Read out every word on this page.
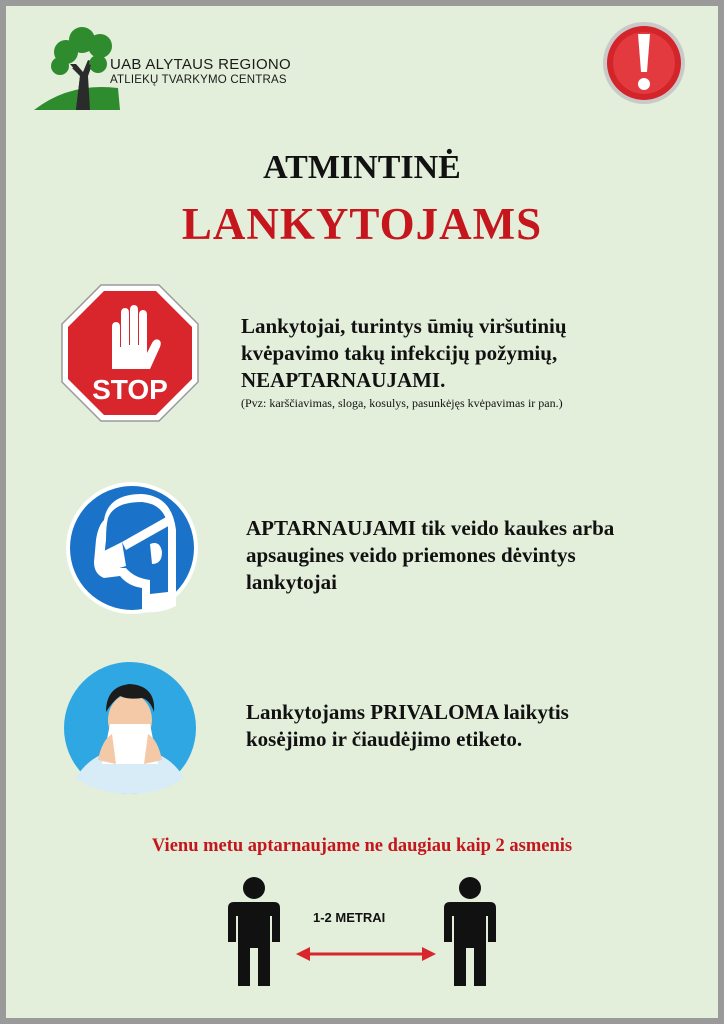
UAB ALYTAUS REGIONO
ATLIEKŲ TVARKYMO CENTRAS
ATMINTINĖ
LANKYTOJAMS
STOP
Lankytojai, turintys ūmių viršutinių
kvėpavimo takų infekcijų požymių,
NEAPTARNAUJAMI.
(Pvz: karščiavimas, sloga, kosulys, pasunkėjęs kvėpavimas ir pan.)
APTARNAUJAMI tik veido kaukes arba
apsaugines veido priemones dėvintys
lankytojai
Lankytojams PRIVALOMA laikytis
kosėjimo ir čiaudėjimo etiketo.
Vienu metu aptarnaujame ne daugiau kaip 2 asmenis
1-2 METRAI
